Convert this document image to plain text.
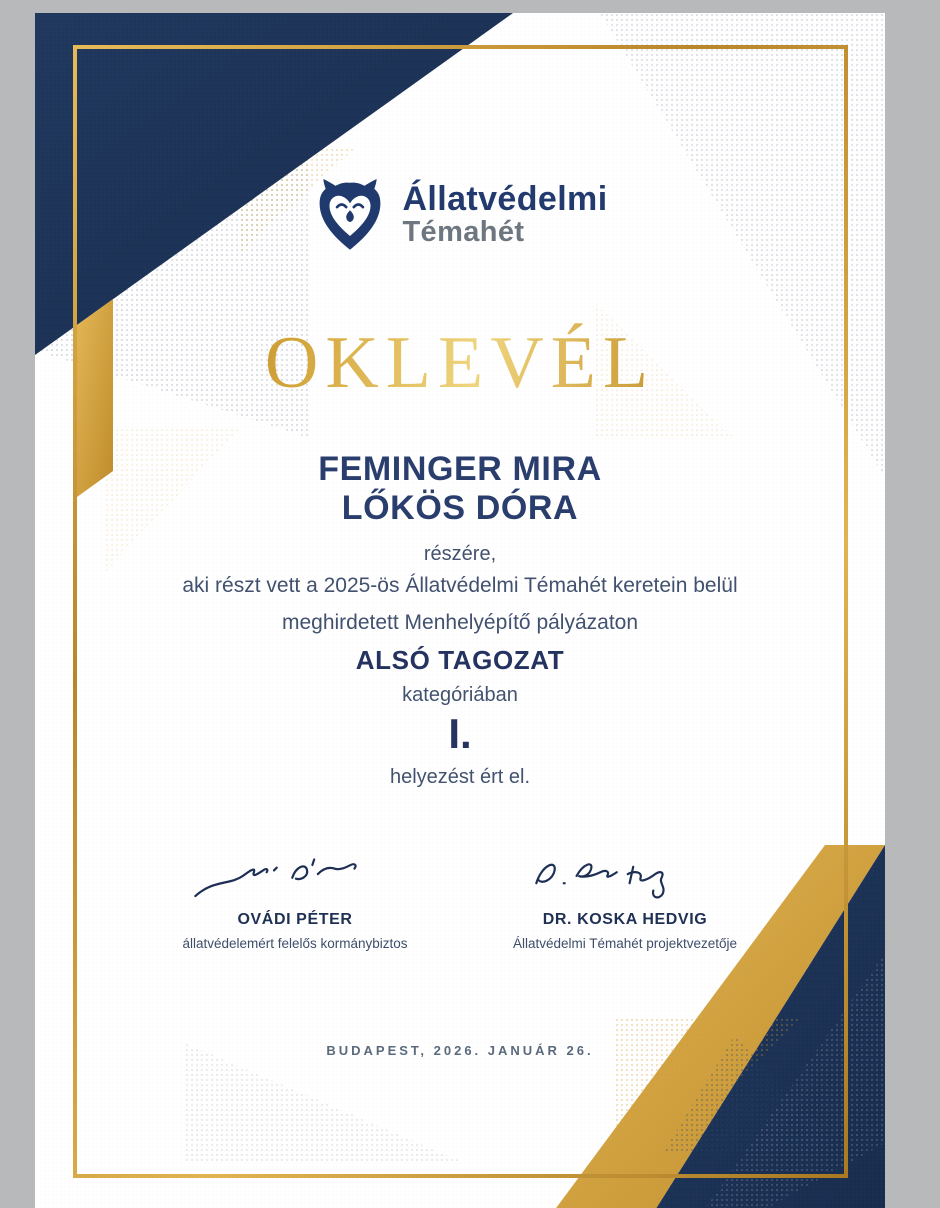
Állatvédelmi
Témahét
OKLEVÉL
FEMINGER MIRA
LŐKÖS DÓRA
részére,
aki részt vett a 2025-ös Állatvédelmi Témahét keretein belül
meghirdetett Menhelyépítő pályázaton
ALSÓ TAGOZAT
kategóriában
I.
helyezést ért el.
OVÁDI PÉTER
állatvédelemért felelős kormánybiztos
DR. KOSKA HEDVIG
Állatvédelmi Témahét projektvezetője
BUDAPEST, 2026. JANUÁR 26.
